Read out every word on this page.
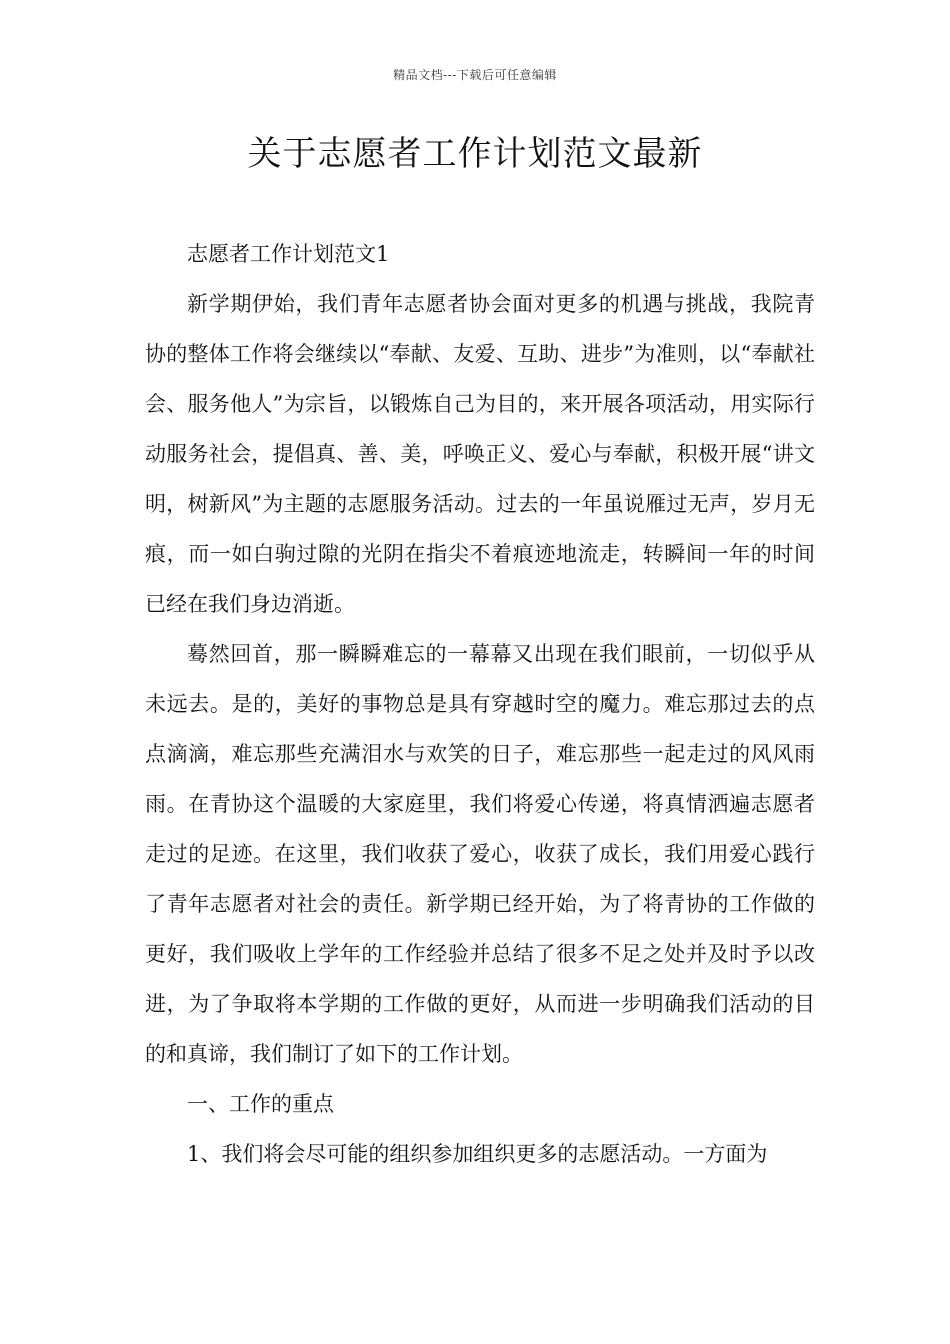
精品文档---下载后可任意编辑
关于志愿者工作计划范文最新

志愿者工作计划范文1

新学期伊始，我们青年志愿者协会面对更多的机遇与挑战，我院青协的整体工作将会继续以“奉献、友爱、互助、进步”为准则，以“奉献社会、服务他人”为宗旨，以锻炼自己为目的，来开展各项活动，用实际行动服务社会，提倡真、善、美，呼唤正义、爱心与奉献，积极开展“讲文明，树新风”为主题的志愿服务活动。过去的一年虽说雁过无声，岁月无痕，而一如白驹过隙的光阴在指尖不着痕迹地流走，转瞬间一年的时间已经在我们身边消逝。

蓦然回首，那一瞬瞬难忘的一幕幕又出现在我们眼前，一切似乎从未远去。是的，美好的事物总是具有穿越时空的魔力。难忘那过去的点点滴滴，难忘那些充满泪水与欢笑的日子，难忘那些一起走过的风风雨雨。在青协这个温暖的大家庭里，我们将爱心传递，将真情洒遍志愿者走过的足迹。在这里，我们收获了爱心，收获了成长，我们用爱心践行了青年志愿者对社会的责任。新学期已经开始，为了将青协的工作做的更好，我们吸收上学年的工作经验并总结了很多不足之处并及时予以改进，为了争取将本学期的工作做的更好，从而进一步明确我们活动的目的和真谛，我们制订了如下的工作计划。

一、工作的重点

1、我们将会尽可能的组织参加组织更多的志愿活动。一方面为
